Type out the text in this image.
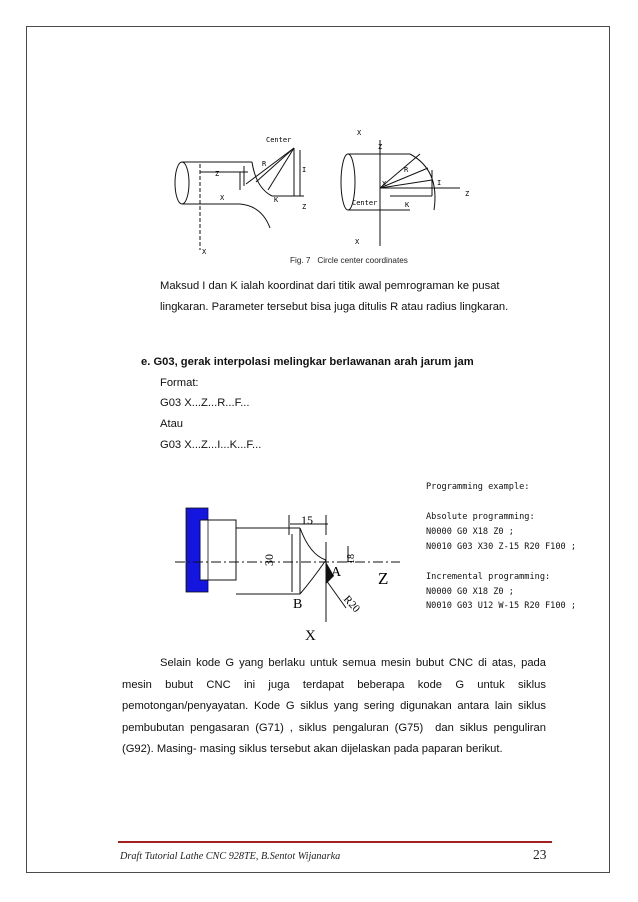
Center
R
I
Z
X	K
Z
X
X
Z
R
X	I
Z
Center	K
X
Fig. 7 Circle center coordinates
Maksud I dan K ialah koordinat dari titik awal pemrograman ke pusat
lingkaran. Parameter tersebut bisa juga ditulis R atau radius lingkaran.
e. G03, gerak interpolasi melingkar berlawanan arah jarum jam
Format:
G03 X...Z...R...F...
Atau
G03 X...Z...I...K...F...
15
30	18
A
B
Z
X
R20
Programming example:
Absolute programming:
N0000 G0 X18 Z0 ;
N0010 G03 X30 Z-15 R20 F100 ;
Incremental programming:
N0000 G0 X18 Z0 ;
N0010 G03 U12 W-15 R20 F100 ;
Selain kode G yang berlaku untuk semua mesin bubut CNC di atas, pada
mesin bubut CNC ini juga terdapat beberapa kode G untuk siklus
pemotongan/penyayatan. Kode G siklus yang sering digunakan antara lain siklus
pembubutan pengasaran (G71) , siklus pengaluran (G75) dan siklus penguliran
(G92). Masing- masing siklus tersebut akan dijelaskan pada paparan berikut.
Draft Tutorial Lathe CNC 928TE, B.Sentot Wijanarka	23
